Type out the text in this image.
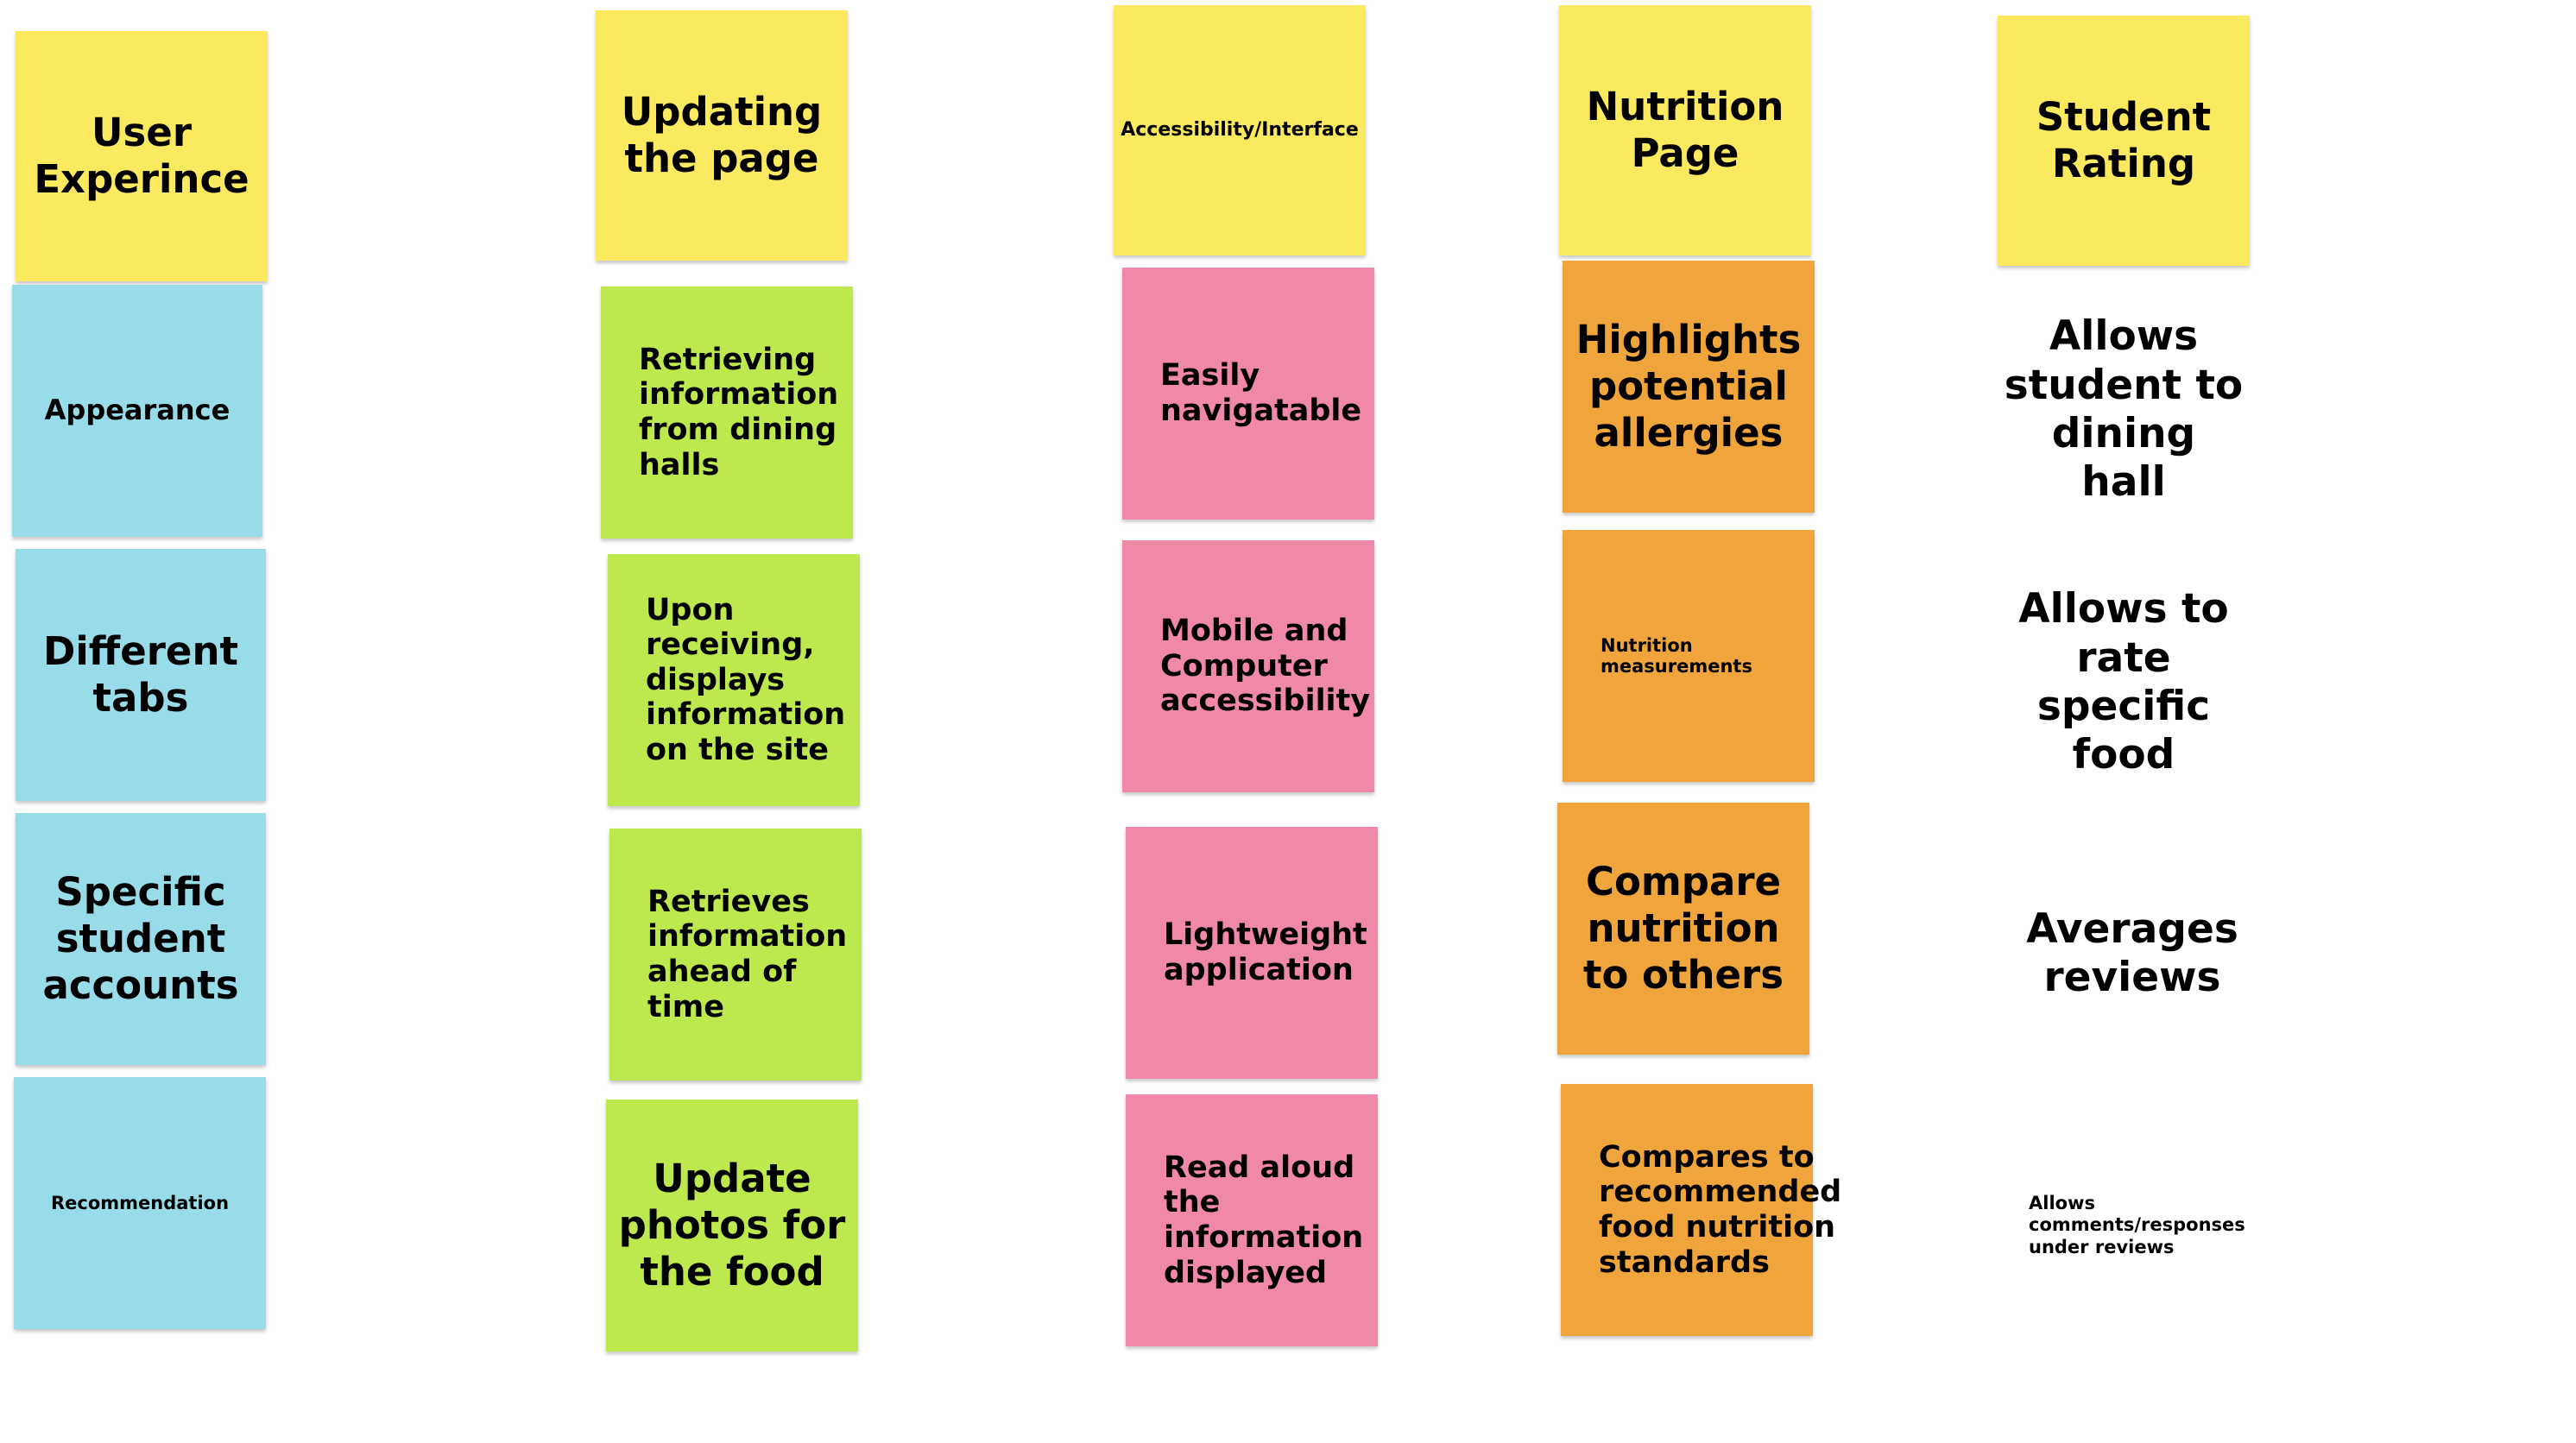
User
Experince
Appearance
Different
tabs
Specific
student
accounts
Recommendation
Updating
the page
Retrieving
information
from dining
halls
Upon
receiving,
displays
information
on the site
Retrieves
information
ahead of time
Update
photos for
the food
Accessibility/Interface
Easily
navigatable
Mobile and
Computer
accessibility
Lightweight
application
Read aloud
the
information
displayed
Nutrition
Page
Highlights
potential
allergies
Nutrition
measurements
Compare
nutrition
to others
Compares to
recommended
food nutrition
standards
Student
Rating
Allows
student to
dining
hall
Allows to
rate
specific
food
Averages
reviews
Allows
comments/responses
under reviews
